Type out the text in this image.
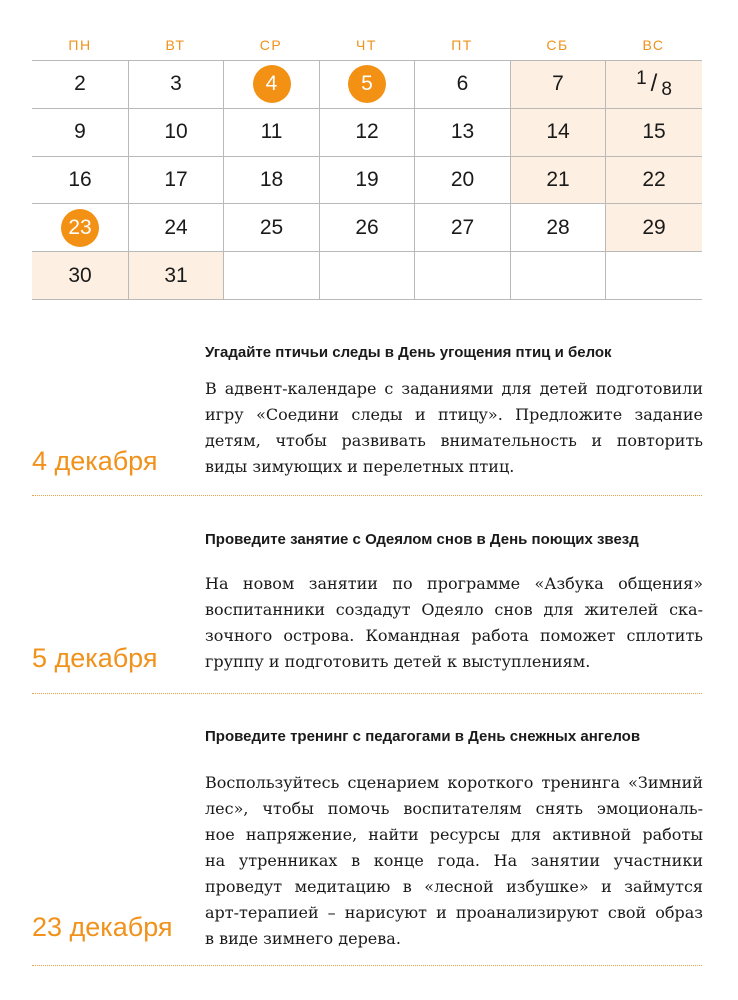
ПН	ВТ	СР	ЧТ	ПТ	СБ	ВС
2	3	4	5	6	7	1 / 8
9	10	11	12	13	14	15
16	17	18	19	20	21	22
23	24	25	26	27	28	29
30	31
Угадайте птичьи следы в День угощения птиц и белок
В адвент-календаре с заданиями для детей подготовили
игру «Соедини следы и птицу». Предложите задание
детям, чтобы развивать внимательность и повторить
виды зимующих и перелетных птиц.
4 декабря
Проведите занятие с Одеялом снов в День поющих звезд
На новом занятии по программе «Азбука общения»
воспитанники создадут Одеяло снов для жителей ска-
зочного острова. Командная работа поможет сплотить
группу и подготовить детей к выступлениям.
5 декабря
Проведите тренинг с педагогами в День снежных ангелов
Воспользуйтесь сценарием короткого тренинга «Зимний
лес», чтобы помочь воспитателям снять эмоциональ-
ное напряжение, найти ресурсы для активной работы
на утренниках в конце года. На занятии участники
проведут медитацию в «лесной избушке» и займутся
арт-терапией – нарисуют и проанализируют свой образ
в виде зимнего дерева.
23 декабря
